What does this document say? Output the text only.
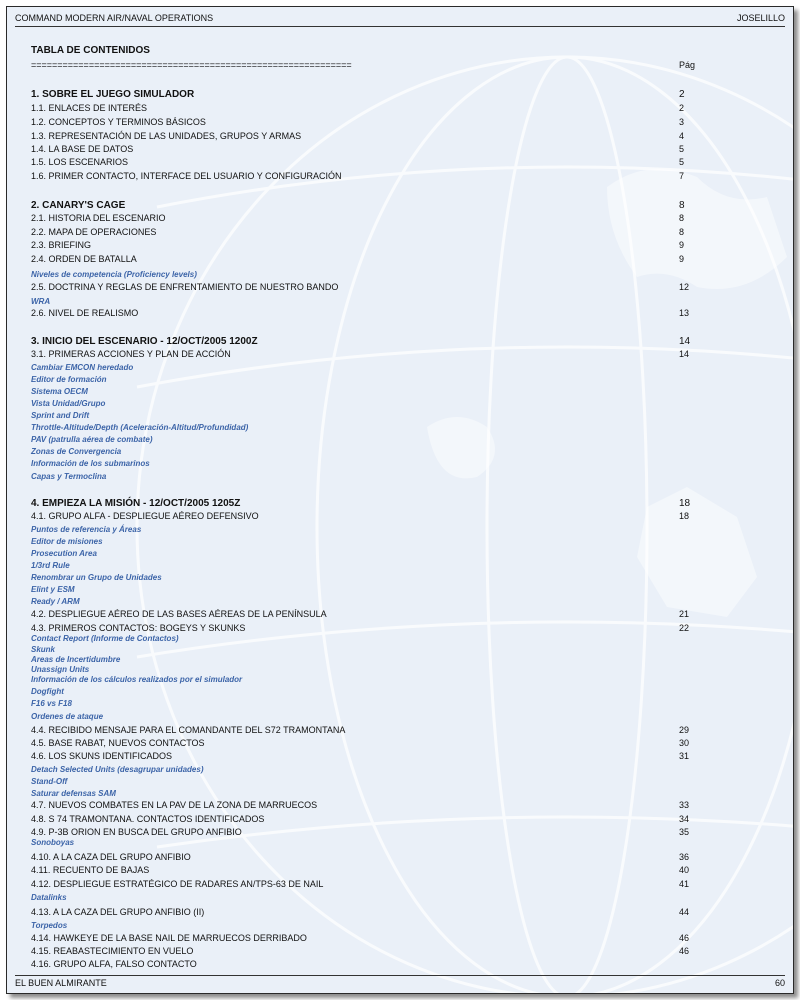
COMMAND MODERN AIR/NAVAL OPERATIONS	JOSELILLO
TABLA DE CONTENIDOS
=============================================================	Pág
1. SOBRE EL JUEGO SIMULADOR	2
1.1. ENLACES DE INTERÉS	2
1.2. CONCEPTOS Y TERMINOS BÁSICOS	3
1.3. REPRESENTACIÓN DE LAS UNIDADES, GRUPOS Y ARMAS	4
1.4. LA BASE DE DATOS	5
1.5. LOS ESCENARIOS	5
1.6. PRIMER CONTACTO, INTERFACE DEL USUARIO Y CONFIGURACIÓN	7
2. CANARY'S CAGE	8
2.1. HISTORIA DEL ESCENARIO	8
2.2. MAPA DE OPERACIONES	8
2.3. BRIEFING	9
2.4. ORDEN DE BATALLA	9
Niveles de competencia (Proficiency levels)
2.5. DOCTRINA Y REGLAS DE ENFRENTAMIENTO DE NUESTRO BANDO	12
WRA
2.6. NIVEL DE REALISMO	13
3. INICIO DEL ESCENARIO - 12/OCT/2005 1200Z	14
3.1. PRIMERAS ACCIONES Y PLAN DE ACCIÓN	14
Cambiar EMCON heredado
Editor de formación
Sistema OECM
Vista Unidad/Grupo
Sprint and Drift
Throttle-Altitude/Depth (Aceleración-Altitud/Profundidad)
PAV (patrulla aérea de combate)
Zonas de Convergencia
Información de los submarinos
Capas y Termoclina
4. EMPIEZA LA MISIÓN - 12/OCT/2005 1205Z	18
4.1. GRUPO ALFA - DESPLIEGUE AÉREO DEFENSIVO	18
Puntos de referencia y Áreas
Editor de misiones
Prosecution Area
1/3rd Rule
Renombrar un Grupo de Unidades
Elint y ESM
Ready / ARM
4.2. DESPLIEGUE AÉREO DE LAS BASES AÉREAS DE LA PENÍNSULA	21
4.3. PRIMEROS CONTACTOS: BOGEYS Y SKUNKS	22
Contact Report (Informe de Contactos)
Skunk
Areas de Incertidumbre
Unassign Units
Información de los cálculos realizados por el simulador
Dogfight
F16 vs F18
Ordenes de ataque
4.4. RECIBIDO MENSAJE PARA EL COMANDANTE DEL S72 TRAMONTANA	29
4.5. BASE RABAT, NUEVOS CONTACTOS	30
4.6. LOS SKUNS IDENTIFICADOS	31
Detach Selected Units (desagrupar unidades)
Stand-Off
Saturar defensas SAM
4.7. NUEVOS COMBATES EN LA PAV DE LA ZONA DE MARRUECOS	33
4.8. S 74 TRAMONTANA. CONTACTOS IDENTIFICADOS	34
4.9. P-3B ORION EN BUSCA DEL GRUPO ANFIBIO	35
Sonoboyas
4.10. A LA CAZA DEL GRUPO ANFIBIO	36
4.11. RECUENTO DE BAJAS	40
4.12. DESPLIEGUE ESTRATÉGICO DE RADARES AN/TPS-63 DE NAIL	41
Datalinks
4.13. A LA CAZA DEL GRUPO ANFIBIO (II)	44
Torpedos
4.14. HAWKEYE DE LA BASE NAIL DE MARRUECOS DERRIBADO	46
4.15. REABASTECIMIENTO EN VUELO	46
4.16. GRUPO ALFA, FALSO CONTACTO
EL BUEN ALMIRANTE	60
